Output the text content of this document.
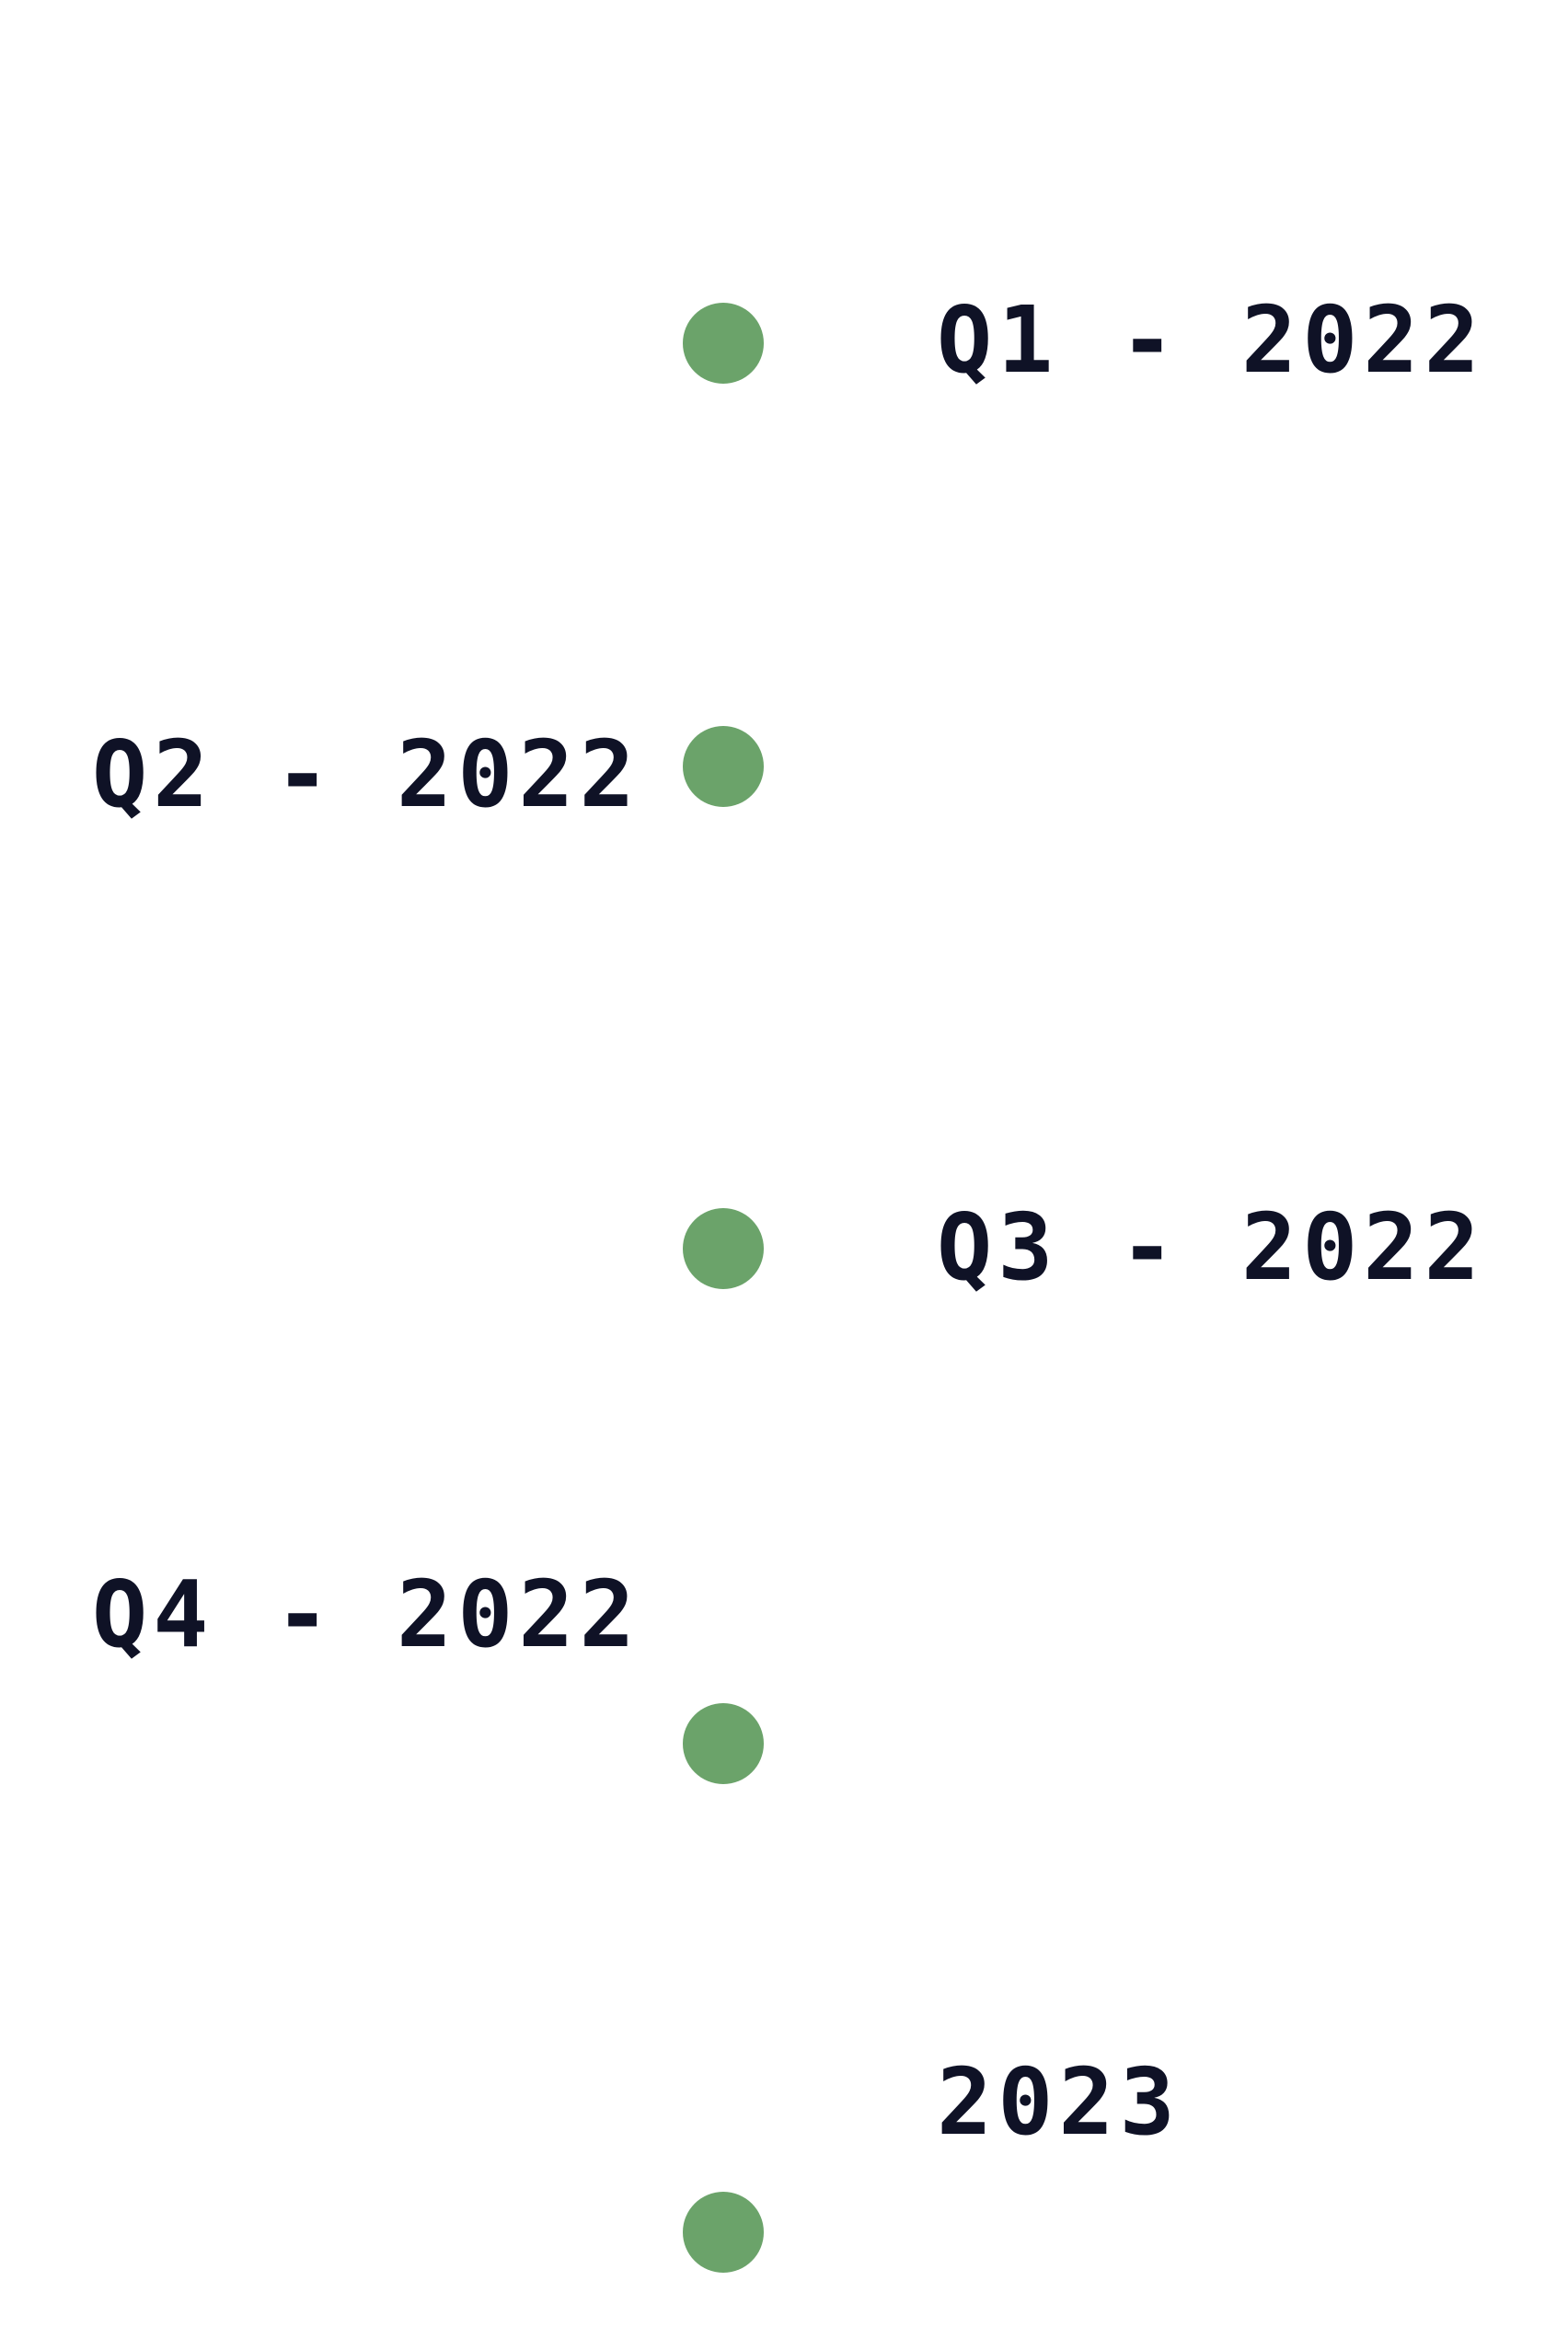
Q1 - 2022
Q2 - 2022
Q3 - 2022
Q4 - 2022
2023
